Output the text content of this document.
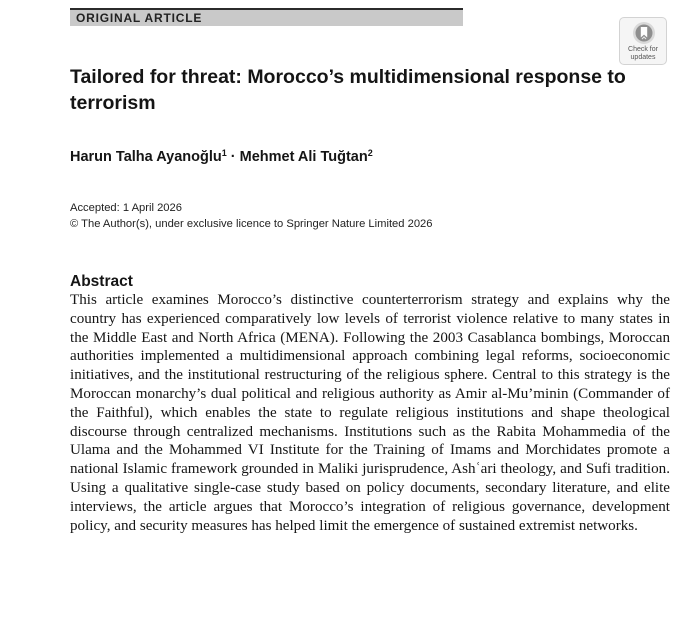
ORIGINAL ARTICLE
Check for
updates
Tailored for threat: Morocco’s multidimensional response to terrorism
Harun Talha Ayanoğlu$^1$ · Mehmet Ali Tuğtan$^2$
Accepted: 1 April 2026
© The Author(s), under exclusive licence to Springer Nature Limited 2026
Abstract

This article examines Morocco’s distinctive counterterrorism strategy and explains why the country has experienced comparatively low levels of terrorist violence relative to many states in the Middle East and North Africa (MENA). Following the 2003 Casablanca bombings, Moroccan authorities implemented a multidimensional approach combining legal reforms, socioeconomic initiatives, and the institutional restructuring of the religious sphere. Central to this strategy is the Moroccan monarchy’s dual political and religious authority as Amir al-Mu’minin (Commander of the Faithful), which enables the state to regulate religious institutions and shape theological discourse through centralized mechanisms. Institutions such as the Rabita Mohammedia of the Ulama and the Mohammed VI Institute for the Training of Imams and Morchidates promote a national Islamic framework grounded in Maliki jurisprudence, Ashʿari theology, and Sufi tradition. Using a qualitative single-case study based on policy documents, secondary literature, and elite interviews, the article argues that Morocco’s integration of religious governance, development policy, and security measures has helped limit the emergence of sustained extremist networks.
